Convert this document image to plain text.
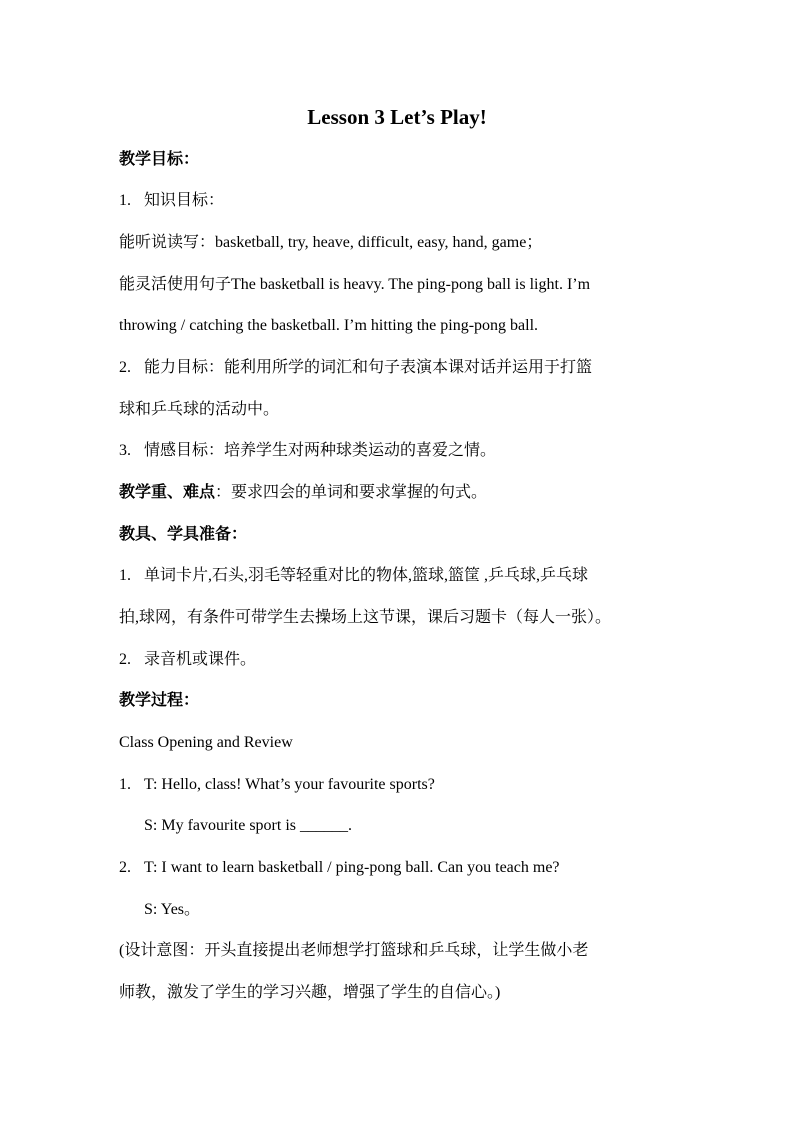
Lesson 3 Let’s Play!
教学目标：
1. 知识目标：
能听说读写：basketball, try, heave, difficult, easy, hand, game；
能灵活使用句子The basketball is heavy. The ping-pong ball is light. I’m
throwing / catching the basketball. I’m hitting the ping-pong ball.
2. 能力目标：能利用所学的词汇和句子表演本课对话并运用于打篮
球和乒乓球的活动中。
3. 情感目标：培养学生对两种球类运动的喜爱之情。
教学重、难点：要求四会的单词和要求掌握的句式。
教具、学具准备：
1. 单词卡片,石头,羽毛等轻重对比的物体,篮球,篮筐 ,乒乓球,乒乓球
拍,球网，有条件可带学生去操场上这节课，课后习题卡（每人一张）。
2. 录音机或课件。
教学过程：
Class Opening and Review
1. T: Hello, class! What’s your favourite sports?
S: My favourite sport is ______.
2. T: I want to learn basketball / ping-pong ball. Can you teach me?
S: Yes。
(设计意图：开头直接提出老师想学打篮球和乒乓球，让学生做小老
师教，激发了学生的学习兴趣，增强了学生的自信心。)
